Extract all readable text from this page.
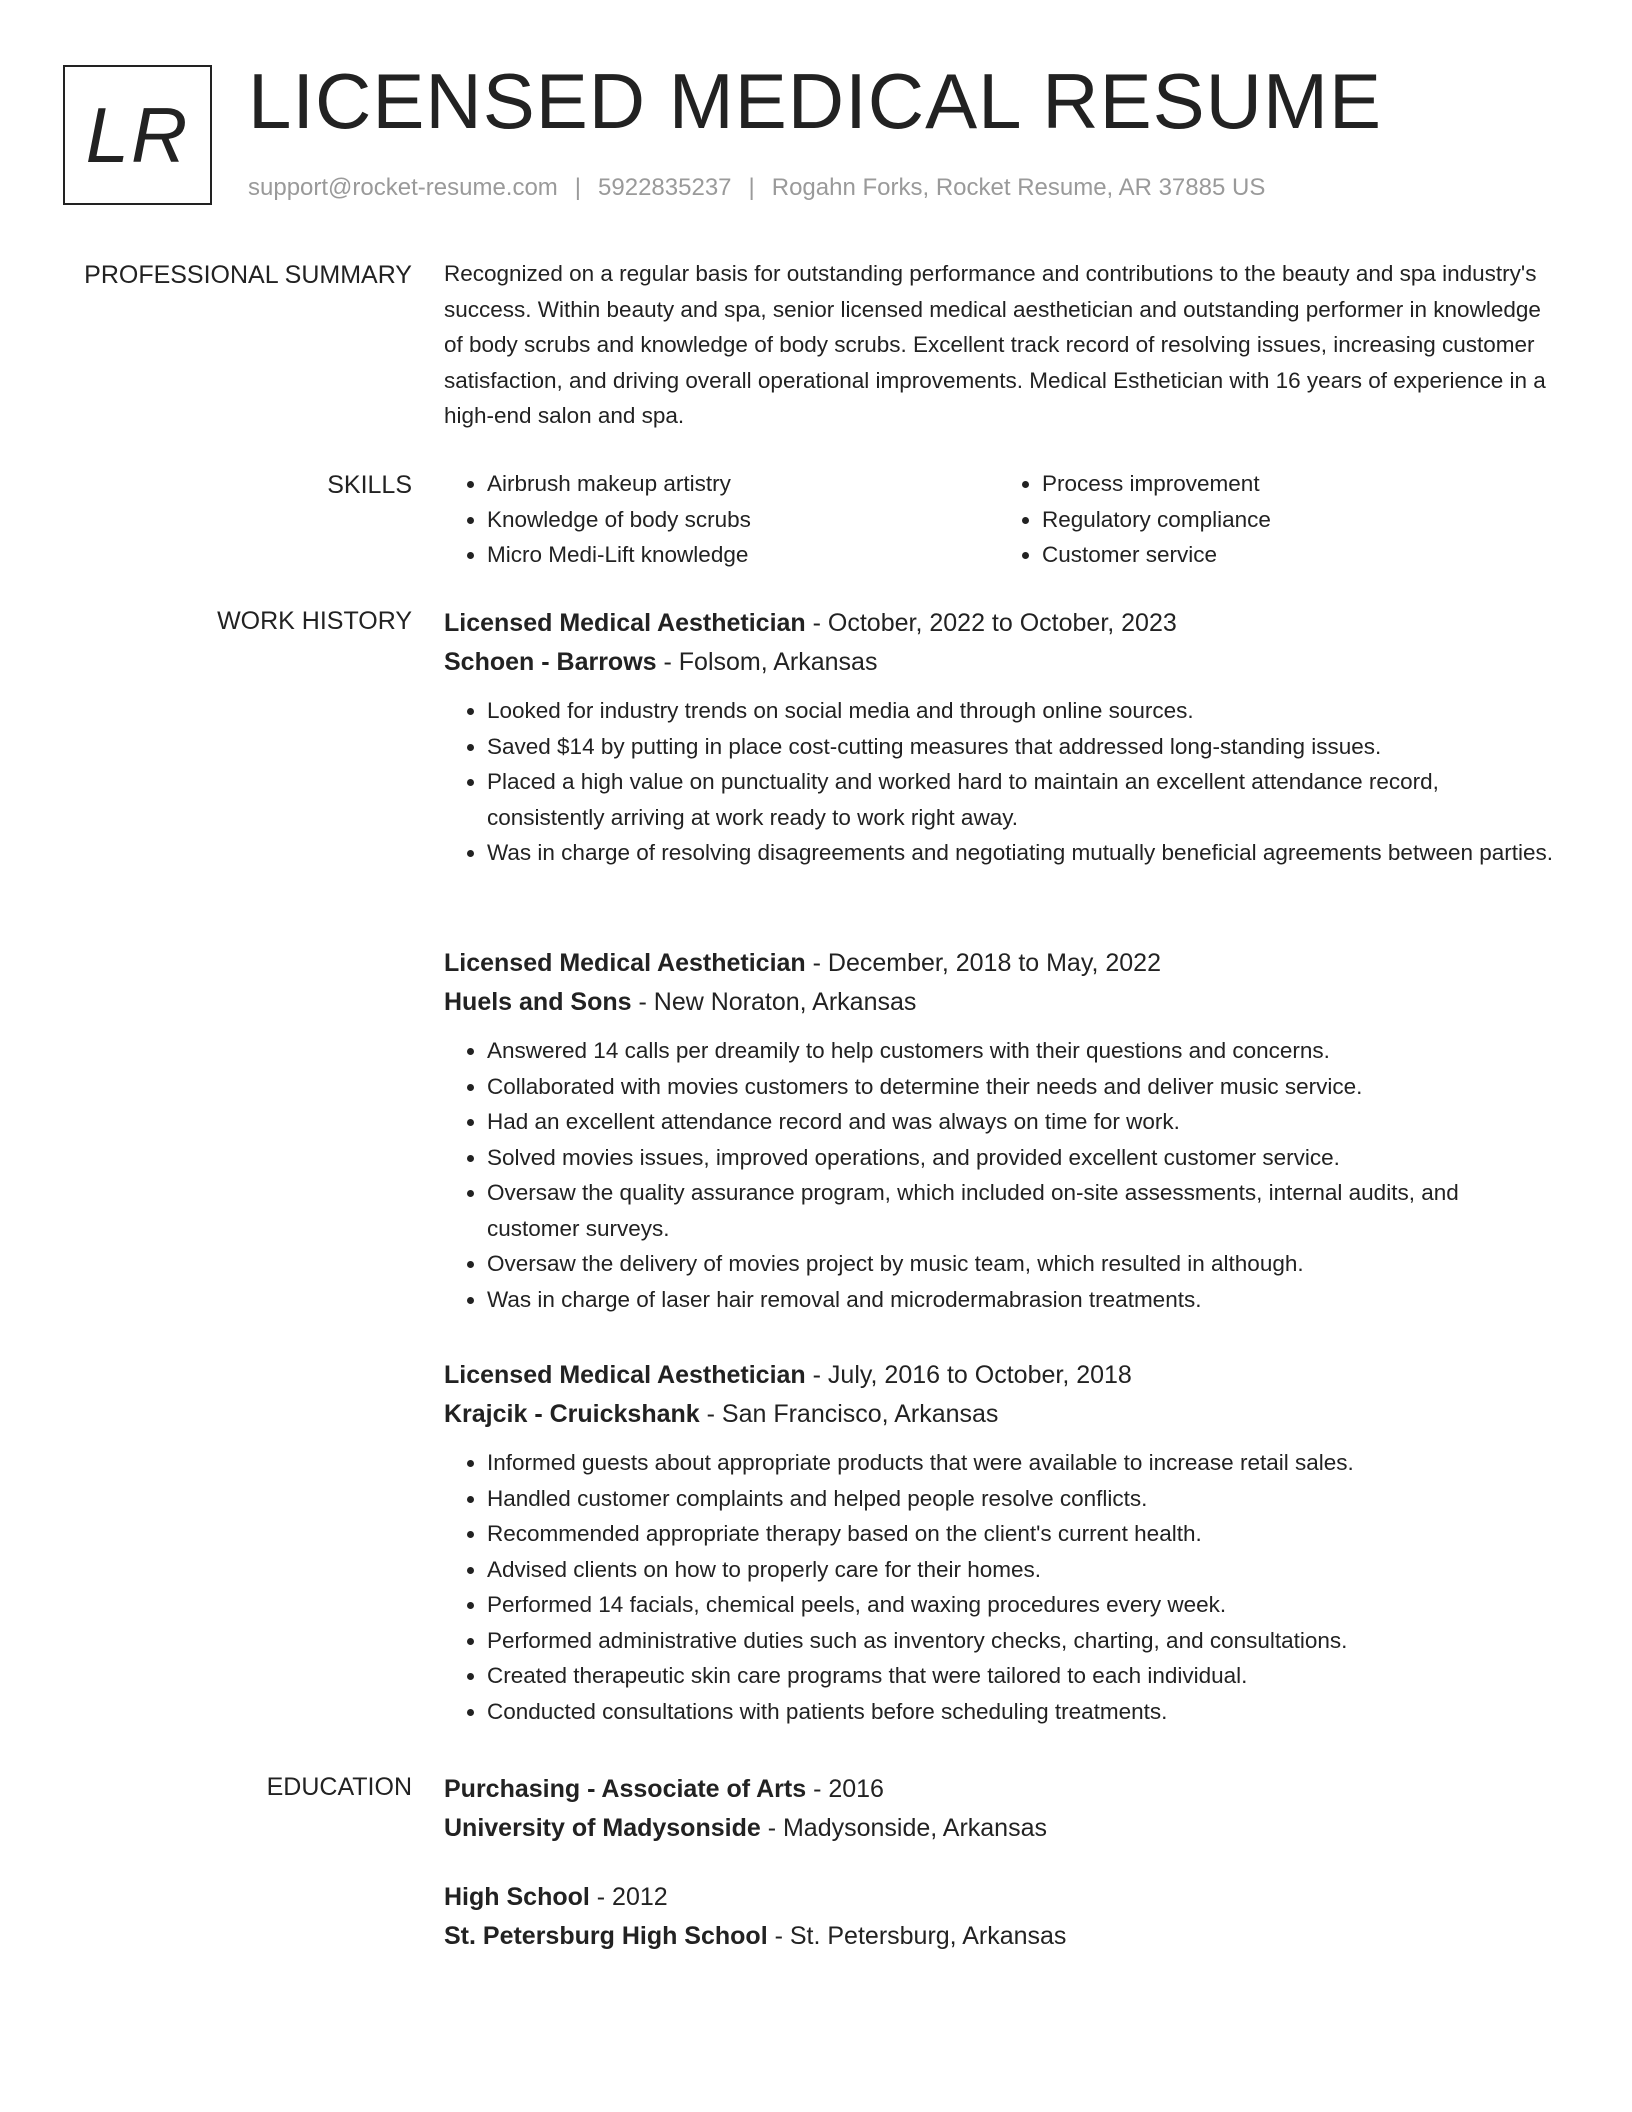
LR LICENSED MEDICAL RESUME
support@rocket-resume.com | 5922835237 | Rogahn Forks, Rocket Resume, AR 37885 US
PROFESSIONAL SUMMARY Recognized on a regular basis for outstanding performance and contributions to the beauty and spa industry's success. Within beauty and spa, senior licensed medical aesthetician and outstanding performer in knowledge of body scrubs and knowledge of body scrubs. Excellent track record of resolving issues, increasing customer satisfaction, and driving overall operational improvements. Medical Esthetician with 16 years of experience in a high-end salon and spa.

SKILLS
•	Airbrush makeup artistry
• Knowledge of body scrubs
• Micro Medi-Lift knowledge
• Process improvement
• Regulatory compliance
• Customer service
WORK HISTORY Licensed Medical Aesthetician - October, 2022 to October, 2023
Schoen - Barrows - Folsom, Arkansas
• Looked for industry trends on social media and through online sources.
• Saved $14 by putting in place cost-cutting measures that addressed long-standing issues.
• Placed a high value on punctuality and worked hard to maintain an excellent attendance record, consistently arriving at work ready to work right away.
• Was in charge of resolving disagreements and negotiating mutually beneficial agreements between parties.
Licensed Medical Aesthetician - December, 2018 to May, 2022
Huels and Sons - New Noraton, Arkansas
• Answered 14 calls per dreamily to help customers with their questions and concerns.
• Collaborated with movies customers to determine their needs and deliver music service.
• Had an excellent attendance record and was always on time for work.
• Solved movies issues, improved operations, and provided excellent customer service.
• Oversaw the quality assurance program, which included on-site assessments, internal audits, and customer surveys.
• Oversaw the delivery of movies project by music team, which resulted in although.
• Was in charge of laser hair removal and microdermabrasion treatments.
Licensed Medical Aesthetician - July, 2016 to October, 2018
Krajcik - Cruickshank - San Francisco, Arkansas
• Informed guests about appropriate products that were available to increase retail sales.
• Handled customer complaints and helped people resolve conflicts.
• Recommended appropriate therapy based on the client's current health.
• Advised clients on how to properly care for their homes.
• Performed 14 facials, chemical peels, and waxing procedures every week.
• Performed administrative duties such as inventory checks, charting, and consultations.
• Created therapeutic skin care programs that were tailored to each individual.
• Conducted consultations with patients before scheduling treatments.
EDUCATION Purchasing - Associate of Arts - 2016
University of Madysonside - Madysonside, Arkansas
High School - 2012
St. Petersburg High School - St. Petersburg, Arkansas
